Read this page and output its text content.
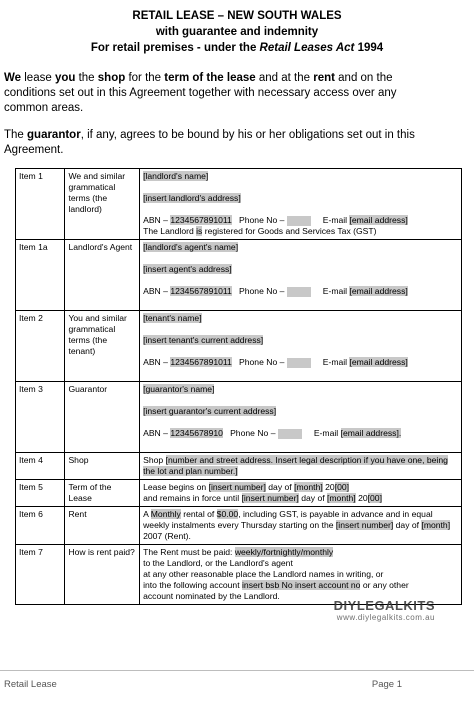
RETAIL LEASE – NEW SOUTH WALES
with guarantee and indemnity
For retail premises - under the Retail Leases Act 1994
We lease you the shop for the term of the lease and at the rent and on the conditions set out in this Agreement together with necessary access over any common areas.
The guarantor, if any, agrees to be bound by his or her obligations set out in this Agreement.
Item 1	We and similar grammatical terms (the landlord)	[landlord's name]
[insert landlord's address]
ABN – 1234567891011 Phone No – E-mail [email address]
The Landlord is registered for Goods and Services Tax (GST)

Item 1a	Landlord's Agent	[landlord's agent's name]
[insert agent's address]
ABN – 1234567891011 Phone No – E-mail [email address]

Item 2	You and similar grammatical terms (the tenant)	[tenant's name]
[insert tenant's current address]
ABN – 1234567891011 Phone No – E-mail [email address]

Item 3	Guarantor	[guarantor's name]
[insert guarantor's current address]
ABN – 12345678910 Phone No – E-mail [email address].

Item 4	Shop	Shop [number and street address. Insert legal description if you have one, being the lot and plan number.]
Item 5	Term of the Lease	Lease begins on [insert number] day of [month] 20[00]
and remains in force until [insert number] day of [month] 20[00]

Item 6	Rent	A Monthly rental of $0.00, including GST, is payable in advance and in equal weekly instalments every Thursday starting on the [insert number] day of [month] 2007 (Rent).
Item 7	How is rent paid?	The Rent must be paid: weekly/fortnightly/monthly
to the Landlord, or the Landlord's agent
at any other reasonable place the Landlord names in writing, or
into the following account insert bsb No insert account no or any other
account nominated by the Landlord.
DIYLEGALKITS
www.diylegalkits.com.au
Retail Lease	Page 1
